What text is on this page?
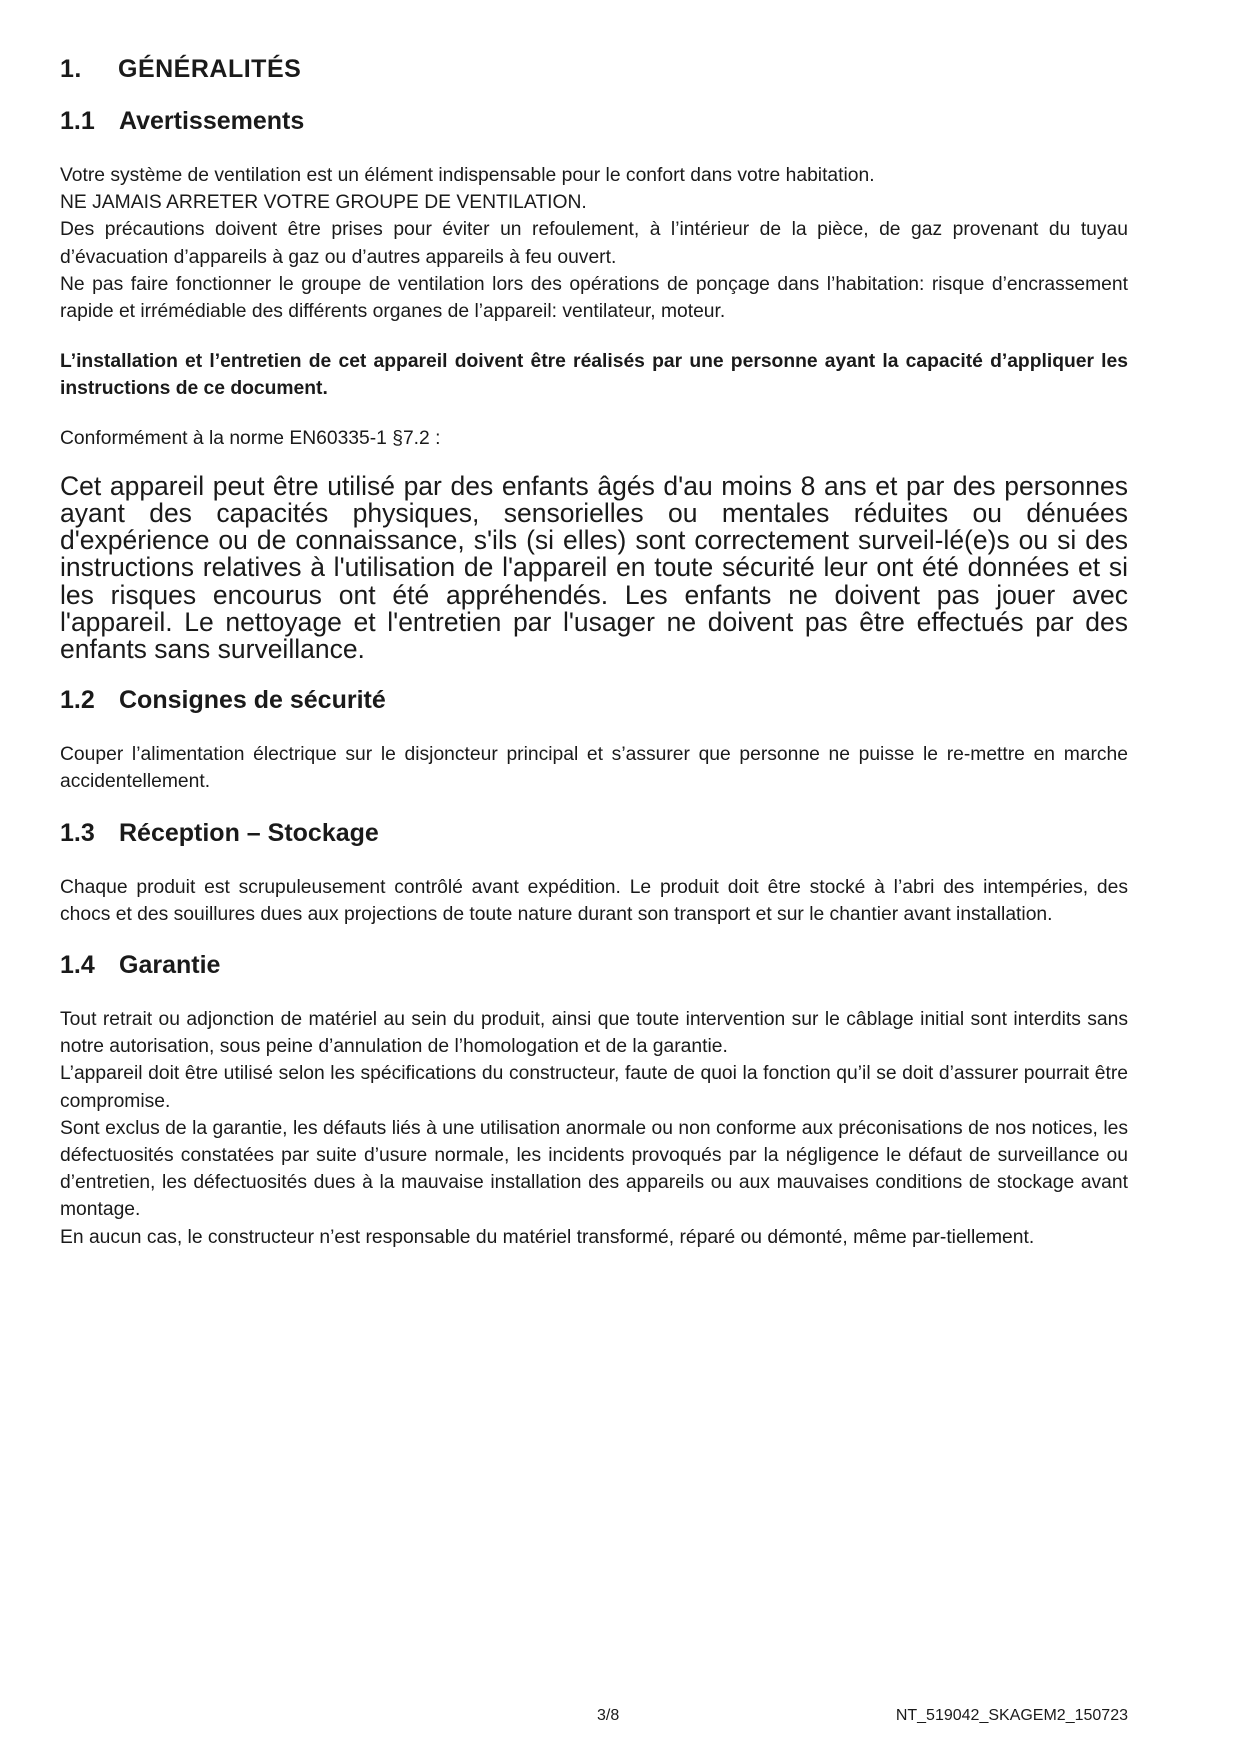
1. GÉNÉRALITÉS
1.1 Avertissements

Votre système de ventilation est un élément indispensable pour le confort dans votre habitation.

NE JAMAIS ARRETER VOTRE GROUPE DE VENTILATION.

Des précautions doivent être prises pour éviter un refoulement, à l’intérieur de la pièce, de gaz provenant du tuyau d’évacuation d’appareils à gaz ou d’autres appareils à feu ouvert.

Ne pas faire fonctionner le groupe de ventilation lors des opérations de ponçage dans l’habitation: risque d’encrassement rapide et irrémédiable des différents organes de l’appareil: ventilateur, moteur.

L’installation et l’entretien de cet appareil doivent être réalisés par une personne ayant la capacité d’appliquer les instructions de ce document.

Conformément à la norme EN60335-1 §7.2 :

Cet appareil peut être utilisé par des enfants âgés d'au moins 8 ans et par des personnes ayant des capacités physiques, sensorielles ou mentales réduites ou dénuées d'expérience ou de connaissance, s'ils (si elles) sont correctement surveil-lé(e)s ou si des instructions relatives à l'utilisation de l'appareil en toute sécurité leur ont été données et si les risques encourus ont été appréhendés. Les enfants ne doivent pas jouer avec l'appareil. Le nettoyage et l'entretien par l'usager ne doivent pas être effectués par des enfants sans surveillance.

1.2 Consignes de sécurité

Couper l’alimentation électrique sur le disjoncteur principal et s’assurer que personne ne puisse le re-mettre en marche accidentellement.

1.3 Réception – Stockage

Chaque produit est scrupuleusement contrôlé avant expédition. Le produit doit être stocké à l’abri des intempéries, des chocs et des souillures dues aux projections de toute nature durant son transport et sur le chantier avant installation.

1.4 Garantie

Tout retrait ou adjonction de matériel au sein du produit, ainsi que toute intervention sur le câblage initial sont interdits sans notre autorisation, sous peine d’annulation de l’homologation et de la garantie.

L’appareil doit être utilisé selon les spécifications du constructeur, faute de quoi la fonction qu’il se doit d’assurer pourrait être compromise.

Sont exclus de la garantie, les défauts liés à une utilisation anormale ou non conforme aux préconisations de nos notices, les défectuosités constatées par suite d’usure normale, les incidents provoqués par la négligence le défaut de surveillance ou d’entretien, les défectuosités dues à la mauvaise installation des appareils ou aux mauvaises conditions de stockage avant montage.

En aucun cas, le constructeur n’est responsable du matériel transformé, réparé ou démonté, même par-tiellement.

3/8	NT_519042_SKAGEM2_150723
